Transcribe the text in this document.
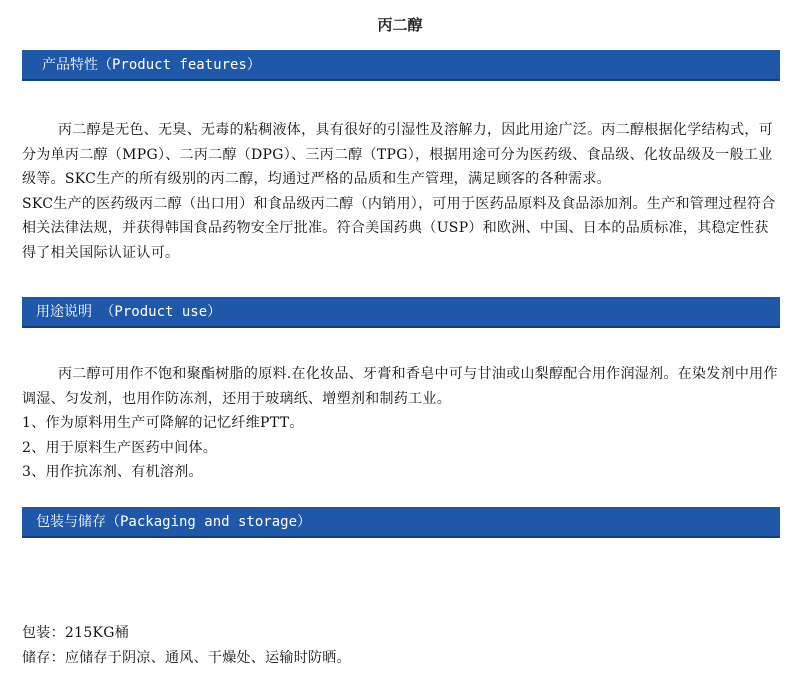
丙二醇
产品特性（Product features）

丙二醇是无色、无臭、无毒的粘稠液体，具有很好的引湿性及溶解力，因此用途广泛。丙二醇根据化学结构式，可分为单丙二醇（MPG）、二丙二醇（DPG）、三丙二醇（TPG），根据用途可分为医药级、食品级、化妆品级及一般工业级等。SKC生产的所有级别的丙二醇，均通过严格的品质和生产管理，满足顾客的各种需求。

SKC生产的医药级丙二醇（出口用）和食品级丙二醇（内销用），可用于医药品原料及食品添加剂。生产和管理过程符合相关法律法规，并获得韩国食品药物安全厅批准。符合美国药典（USP）和欧洲、中国、日本的品质标准，其稳定性获得了相关国际认证认可。

用途说明 （Product use）

丙二醇可用作不饱和聚酯树脂的原料.在化妆品、牙膏和香皂中可与甘油或山梨醇配合用作润湿剂。在染发剂中用作调湿、匀发剂，也用作防冻剂，还用于玻璃纸、增塑剂和制药工业。

1、作为原料用生产可降解的记忆纤维PTT。

2、用于原料生产医药中间体。

3、用作抗冻剂、有机溶剂。

包装与储存（Packaging and storage）

包装：215KG桶

储存：应储存于阴凉、通风、干燥处、运输时防晒。
